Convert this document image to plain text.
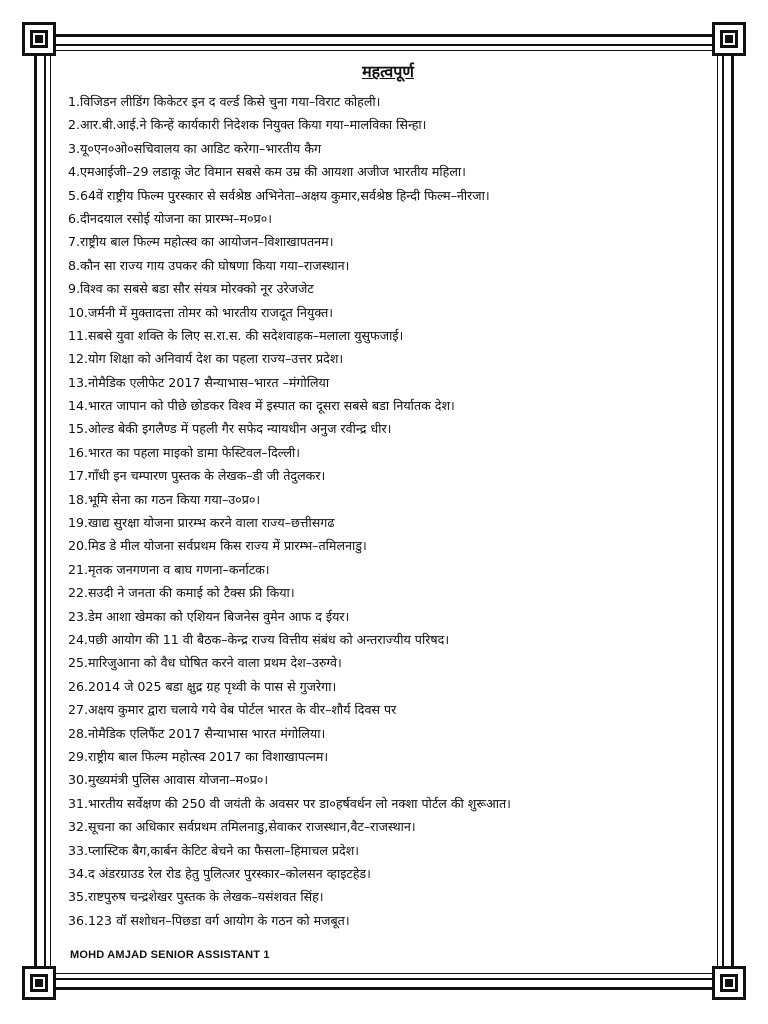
महत्वपूर्ण
1.विजिडन लीडिंग किकेटर इन द वर्ल्ड किसे चुना गया–विराट कोहली।
2.आर.बी.आई.ने किन्हें कार्यकारी निदेशक नियुक्त किया गया–मालविका सिन्हा।
3.यू०एन०ओ०सचिवालय का आडिट करेगा–भारतीय कैग
4.एमआईजी–29 लडाकू जेट विमान सबसे कम उम्र की आयशा अजीज भारतीय महिला।
5.64वें राष्ट्रीय फिल्म पुरस्कार से सर्वश्रेष्ठ अभिनेता–अक्षय कुमार,सर्वश्रेष्ठ हिन्दी फिल्म–नीरजा।
6.दीनदयाल रसोई योजना का प्रारम्भ–म०प्र०।
7.राष्ट्रीय बाल फिल्म महोत्स्व का आयोजन–विशाखापतनम।
8.कौन सा राज्य गाय उपकर की घोषणा किया गया–राजस्थान।
9.विश्व का सबसे बडा सौर संयत्र मोरक्को नूर उरेजजेट
10.जर्मनी में मुक्तादत्ता तोमर को भारतीय राजदूत नियुक्त।
11.सबसे युवा शक्ति के लिए स.रा.स. की सदेशवाहक–मलाला युसुफजाई।
12.योग शिक्षा को अनिवार्य देश का पहला राज्य–उत्तर प्रदेश।
13.नोमैडिक एलीफेट 2017 सैन्याभास–भारत –मंगोलिया
14.भारत जापान को पीछे छोडकर विश्व में इस्पात का दूसरा सबसे बडा निर्यातक देश।
15.ओल्ड बेकी इगलैण्ड में पहली गैर सफेद न्यायधीन अनुज रवीन्द्र धीर।
16.भारत का पहला माइको डामा फेस्टिवल–दिल्ली।
17.गाँधी इन चम्पारण पुस्तक के लेखक–डी जी तेदुलकर।
18.भूमि सेना का गठन किया गया–उ०प्र०।
19.खाद्य सुरक्षा योजना प्रारम्भ करने वाला राज्य–छत्तीसगढ
20.मिड डे मील योजना सर्वप्रथम किस राज्य में प्रारम्भ–तमिलनाडु।
21.मृतक जनगणना व बाघ गणना–कर्नाटक।
22.सउदी ने जनता की कमाई को टैक्स फ्री किया।
23.डेम आशा खेमका को एशियन बिजनेस वुमेन आफ द ईयर।
24.पछी आयोग की 11 वी बैठक–केन्द्र राज्य वित्तीय संबंध को अन्तराज्यीय परिषद।
25.मारिजुआना को वैध घोषित करने वाला प्रथम देश–उरुग्वे।
26.2014 जे 025 बडा क्षुद्र ग्रह पृथ्वी के पास से गुजरेगा।
27.अक्षय कुमार द्वारा चलाये गये वेब पोर्टल भारत के वीर–शौर्य दिवस पर
28.नोमैडिक एलिफैंट 2017 सैन्याभास भारत मंगोलिया।
29.राष्ट्रीय बाल फिल्म महोत्स्व 2017 का विशाखापत्नम।
30.मुख्यमंत्री पुलिस आवास योजना–म०प्र०।
31.भारतीय सर्वेक्षण की 250 वी जयंती के अवसर पर डा०हर्षवर्धन लो नक्शा पोर्टल की शुरूआत।
32.सूचना का अधिकार सर्वप्रथम तमिलनाडु,सेवाकर राजस्थान,वैट–राजस्थान।
33.प्लास्टिक बैग,कार्बन केटिट बेचने का फैसला–हिमाचल प्रदेश।
34.द अंडरग्राउड रेल रोड हेतु पुलित्जर पुरस्कार–कोलसन व्हाइटहेड।
35.राष्टपुरुष चन्द्रशेखर पुस्तक के लेखक–यसंशवत सिंह।
36.123 वॉ सशोधन–पिछडा वर्ग आयोग के गठन को मजबूत।
MOHD AMJAD SENIOR ASSISTANT 1
